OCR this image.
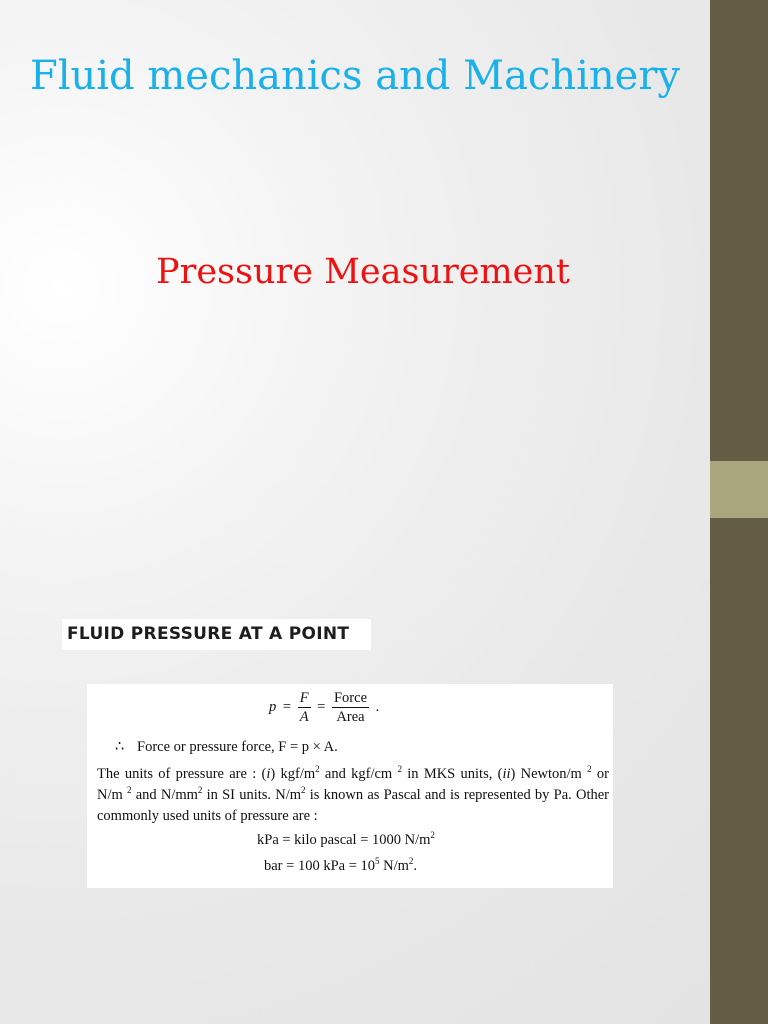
Fluid mechanics and Machinery
Pressure Measurement
FLUID PRESSURE AT A POINT
$p = \frac{F}{A} = \frac{\text{Force}}{\text{Area}}$ .
∴ Force or pressure force, F = p × A.
The units of pressure are : (i) kgf/$m^2$ and kgf/cm $^2$ in MKS units, (ii) Newton/m $^2$ or N/m $^2$ and $N/mm^2$ in SI units. $N/m^2$ is known as Pascal and is represented by Pa. Other commonly used units of pressure are :
kPa = kilo pascal = 1000 $N/m^2$
bar = 100 kPa = $10^5$ $N/m^2$.
